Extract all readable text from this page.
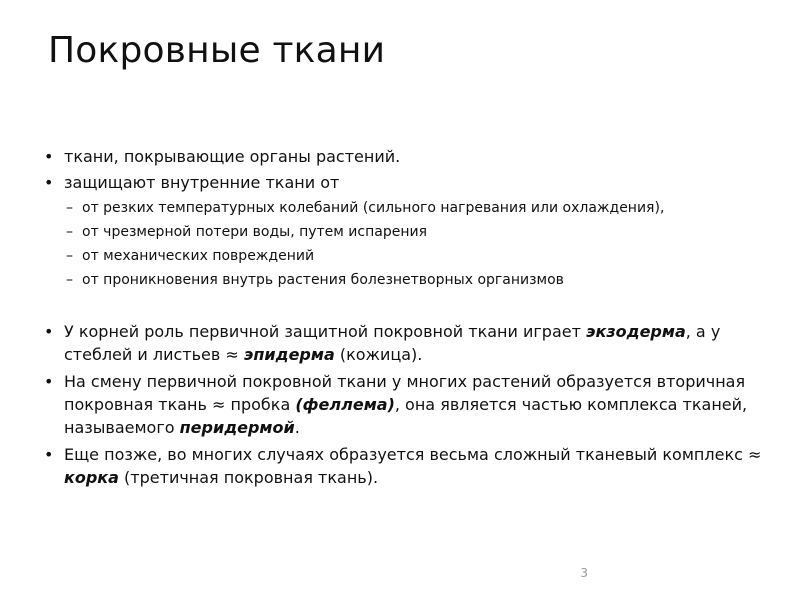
Покровные ткани
• ткани, покрывающие органы растений.
• защищают внутренние ткани от
– от резких температурных колебаний (сильного нагревания или охлаждения),
– от чрезмерной потери воды, путем испарения
– от механических повреждений
– от проникновения внутрь растения болезнетворных организмов
• У корней роль первичной защитной покровной ткани играет экзодерма, а у стеблей и листьев ≈ эпидерма (кожица).
• На смену первичной покровной ткани у многих растений образуется вторичная покровная ткань ≈ пробка (феллема), она является частью комплекса тканей, называемого перидермой.
• Еще позже, во многих случаях образуется весьма сложный тканевый комплекс ≈ корка (третичная покровная ткань).
3
